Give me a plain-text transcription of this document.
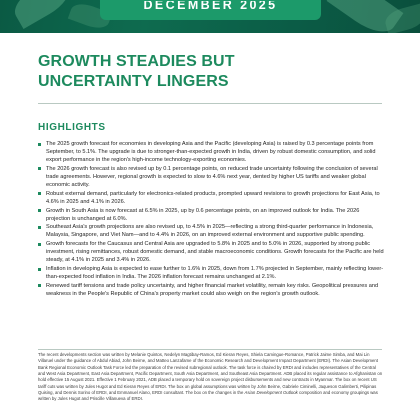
DECEMBER 2025
GROWTH STEADIES BUT
UNCERTAINTY LINGERS
HIGHLIGHTS
The 2025 growth forecast for economies in developing Asia and the Pacific (developing Asia) is raised by 0.3 percentage points from September, to 5.1%. The upgrade is due to stronger-than-expected growth in India, driven by robust domestic consumption, and solid export performance in the region's high-income technology-exporting economies.
The 2026 growth forecast is also revised up by 0.1 percentage points, on reduced trade uncertainty following the conclusion of several trade agreements. However, regional growth is expected to slow to 4.6% next year, dented by higher US tariffs and weaker global economic activity.
Robust external demand, particularly for electronics-related products, prompted upward revisions to growth projections for East Asia, to 4.6% in 2025 and 4.1% in 2026.
Growth in South Asia is now forecast at 6.5% in 2025, up by 0.6 percentage points, on an improved outlook for India. The 2026 projection is unchanged at 6.0%.
Southeast Asia's growth projections are also revised up, to 4.5% in 2025—reflecting a strong third-quarter performance in Indonesia, Malaysia, Singapore, and Viet Nam—and to 4.4% in 2026, on an improved external environment and supportive public spending.
Growth forecasts for the Caucasus and Central Asia are upgraded to 5.8% in 2025 and to 5.0% in 2026, supported by strong public investment, rising remittances, robust domestic demand, and stable macroeconomic conditions. Growth forecasts for the Pacific are held steady, at 4.1% in 2025 and 3.4% in 2026.
Inflation in developing Asia is expected to ease further to 1.6% in 2025, down from 1.7% projected in September, mainly reflecting lower-than-expected food inflation in India. The 2026 inflation forecast remains unchanged at 2.1%.
Renewed tariff tensions and trade policy uncertainty, and higher financial market volatility, remain key risks. Geopolitical pressures and weakness in the People's Republic of China's property market could also weigh on the region's growth outlook.

The recent developments section was written by Melanie Quintos, Nedelyn Magtibay-Ramos, Ed Kieran Reyes, Shiela Camingue-Romance, Patrick Jaime Simba, and Mai Lin Villaruel under the guidance of Abdul Abiad, John Beirne, and Matteo Lanzafame of the Economic Research and Development Impact Department (ERDI). The Asian Development Bank Regional Economic Outlook Task Force led the preparation of the revised subregional outlook. The task force is chaired by ERDI and includes representatives of the Central and West Asia Department, East Asia Department, Pacific Department, South Asia Department, and Southeast Asia Department. ADB placed its regular assistance to Afghanistan on hold effective 15 August 2021. Effective 1 February 2021, ADB placed a temporary hold on sovereign project disbursements and new contracts in Myanmar. The box on recent US tariff cuts was written by Jules Hugot and Ed Kieran Reyes of ERDI. The box on global assumptions was written by John Beirne, Gabriele Ciminelli, Jaqueson Galimberti, Pilipinas Quising, and Dennis Sorino of ERDI, and Emmanuel Alano, ERDI consultant. The box on the changes in the Asian Development Outlook composition and economy groupings was written by Jules Hugot and Priscille Villanueva of ERDI.
